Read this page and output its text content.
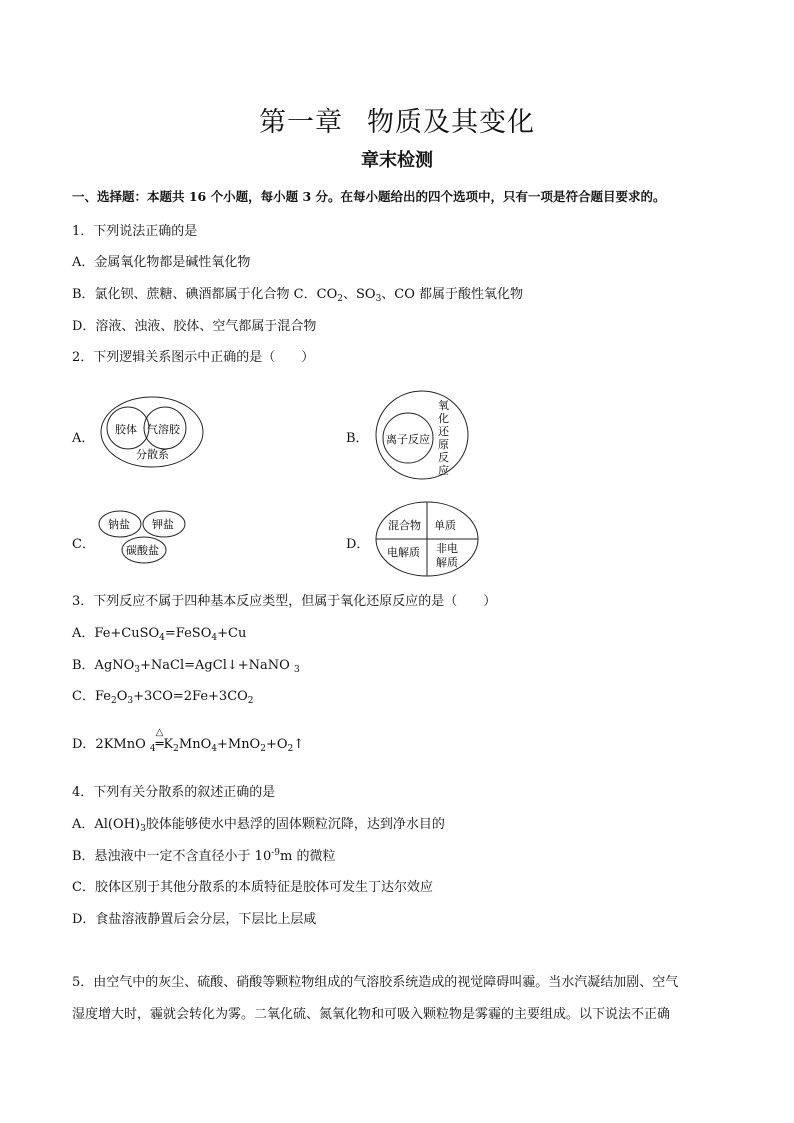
第一章 物质及其变化
章末检测
一、选择题：本题共 16 个小题，每小题 3 分。在每小题给出的四个选项中，只有一项是符合题目要求的。
1．下列说法正确的是
A．金属氧化物都是碱性氧化物
B．氯化钡、蔗糖、碘酒都属于化合物 C．$CO_2$、$SO_3$、CO 都属于酸性氧化物
D．溶液、浊液、胶体、空气都属于混合物
2．下列逻辑关系图示中正确的是（　　）
A．
胶体 气溶胶
分散系
B． 离子反应
氧
化
还
原
反
应
C．
钠盐 钾盐
碳酸盐	D．
混合物 单质
电解质 非电
解质
3．下列反应不属于四种基本反应类型，但属于氧化还原反应的是（　　）
A．Fe+CuSO$_4$=FeSO$_4$+Cu
B．AgNO$_3$+NaCl=AgCl↓+NaNO $_3$
C．$Fe_2O_3+3CO=2Fe+3CO_2$
D．2KMnO $_4$
△
$═K_2MnO_4+MnO_2+O_2↑$
4．下列有关分散系的叙述正确的是
A．$Al(OH)_3$胶体能够使水中悬浮的固体颗粒沉降，达到净水目的
B．悬浊液中一定不含直径小于 $10^{-9}m$ 的微粒
C．胶体区别于其他分散系的本质特征是胶体可发生丁达尔效应
D．食盐溶液静置后会分层，下层比上层咸
5．由空气中的灰尘、硫酸、硝酸等颗粒物组成的气溶胶系统造成的视觉障碍叫霾。当水汽凝结加剧、空气
湿度增大时，霾就会转化为雾。二氧化硫、氮氧化物和可吸入颗粒物是雾霾的主要组成。以下说法不正确
